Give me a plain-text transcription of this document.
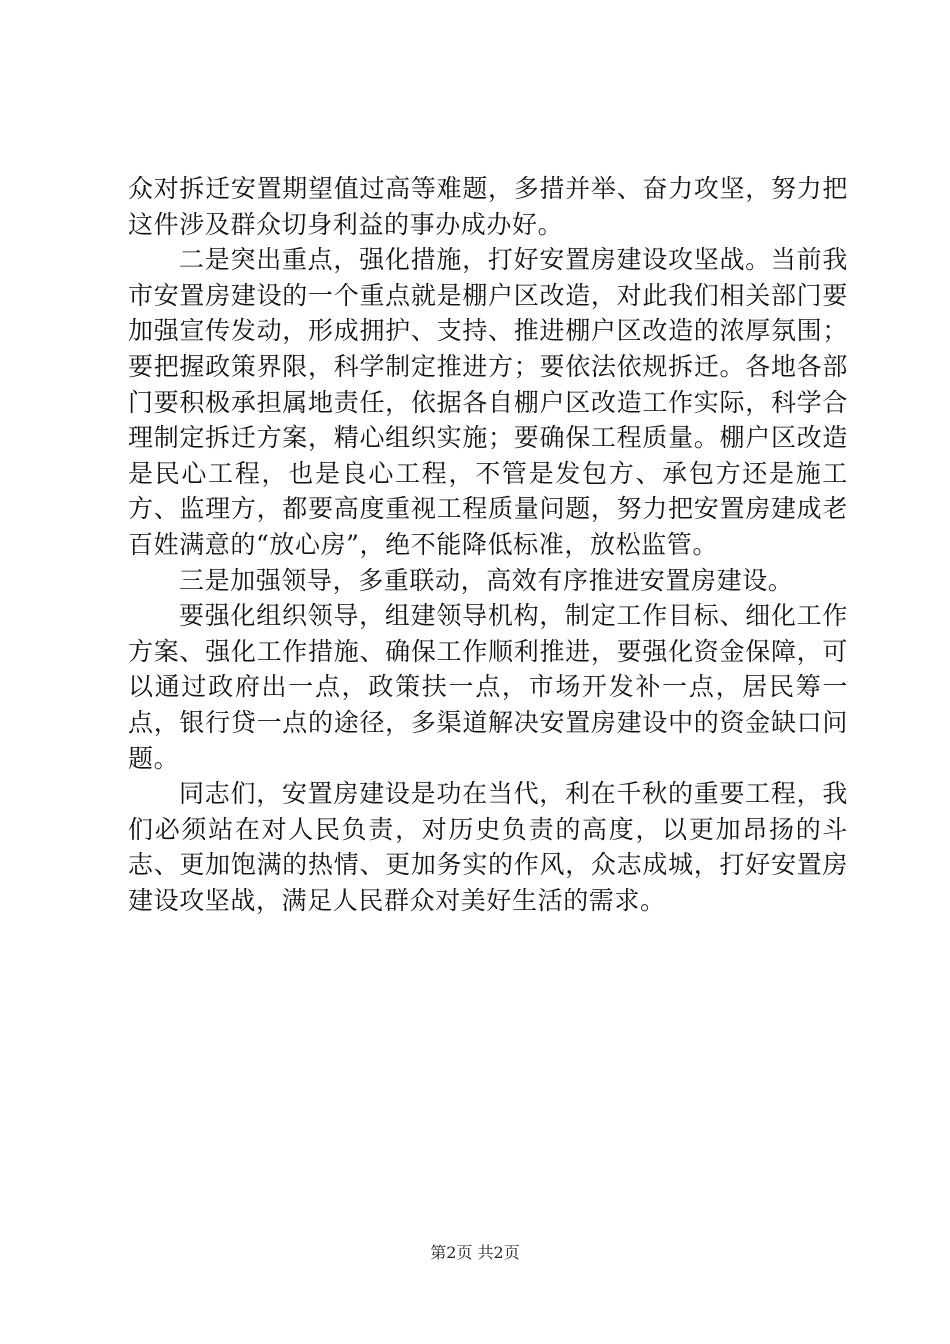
众对拆迁安置期望值过高等难题，多措并举、奋力攻坚，努力把这件涉及群众切身利益的事办成办好。

二是突出重点，强化措施，打好安置房建设攻坚战。当前我市安置房建设的一个重点就是棚户区改造，对此我们相关部门要加强宣传发动，形成拥护、支持、推进棚户区改造的浓厚氛围；要把握政策界限，科学制定推进方；要依法依规拆迁。各地各部门要积极承担属地责任，依据各自棚户区改造工作实际，科学合理制定拆迁方案，精心组织实施；要确保工程质量。棚户区改造是民心工程，也是良心工程，不管是发包方、承包方还是施工方、监理方，都要高度重视工程质量问题，努力把安置房建成老百姓满意的“放心房”，绝不能降低标准，放松监管。

三是加强领导，多重联动，高效有序推进安置房建设。

要强化组织领导，组建领导机构，制定工作目标、细化工作方案、强化工作措施、确保工作顺利推进，要强化资金保障，可以通过政府出一点，政策扶一点，市场开发补一点，居民筹一点，银行贷一点的途径，多渠道解决安置房建设中的资金缺口问题。

同志们，安置房建设是功在当代，利在千秋的重要工程，我们必须站在对人民负责，对历史负责的高度，以更加昂扬的斗志、更加饱满的热情、更加务实的作风，众志成城，打好安置房建设攻坚战，满足人民群众对美好生活的需求。

第2页 共2页
